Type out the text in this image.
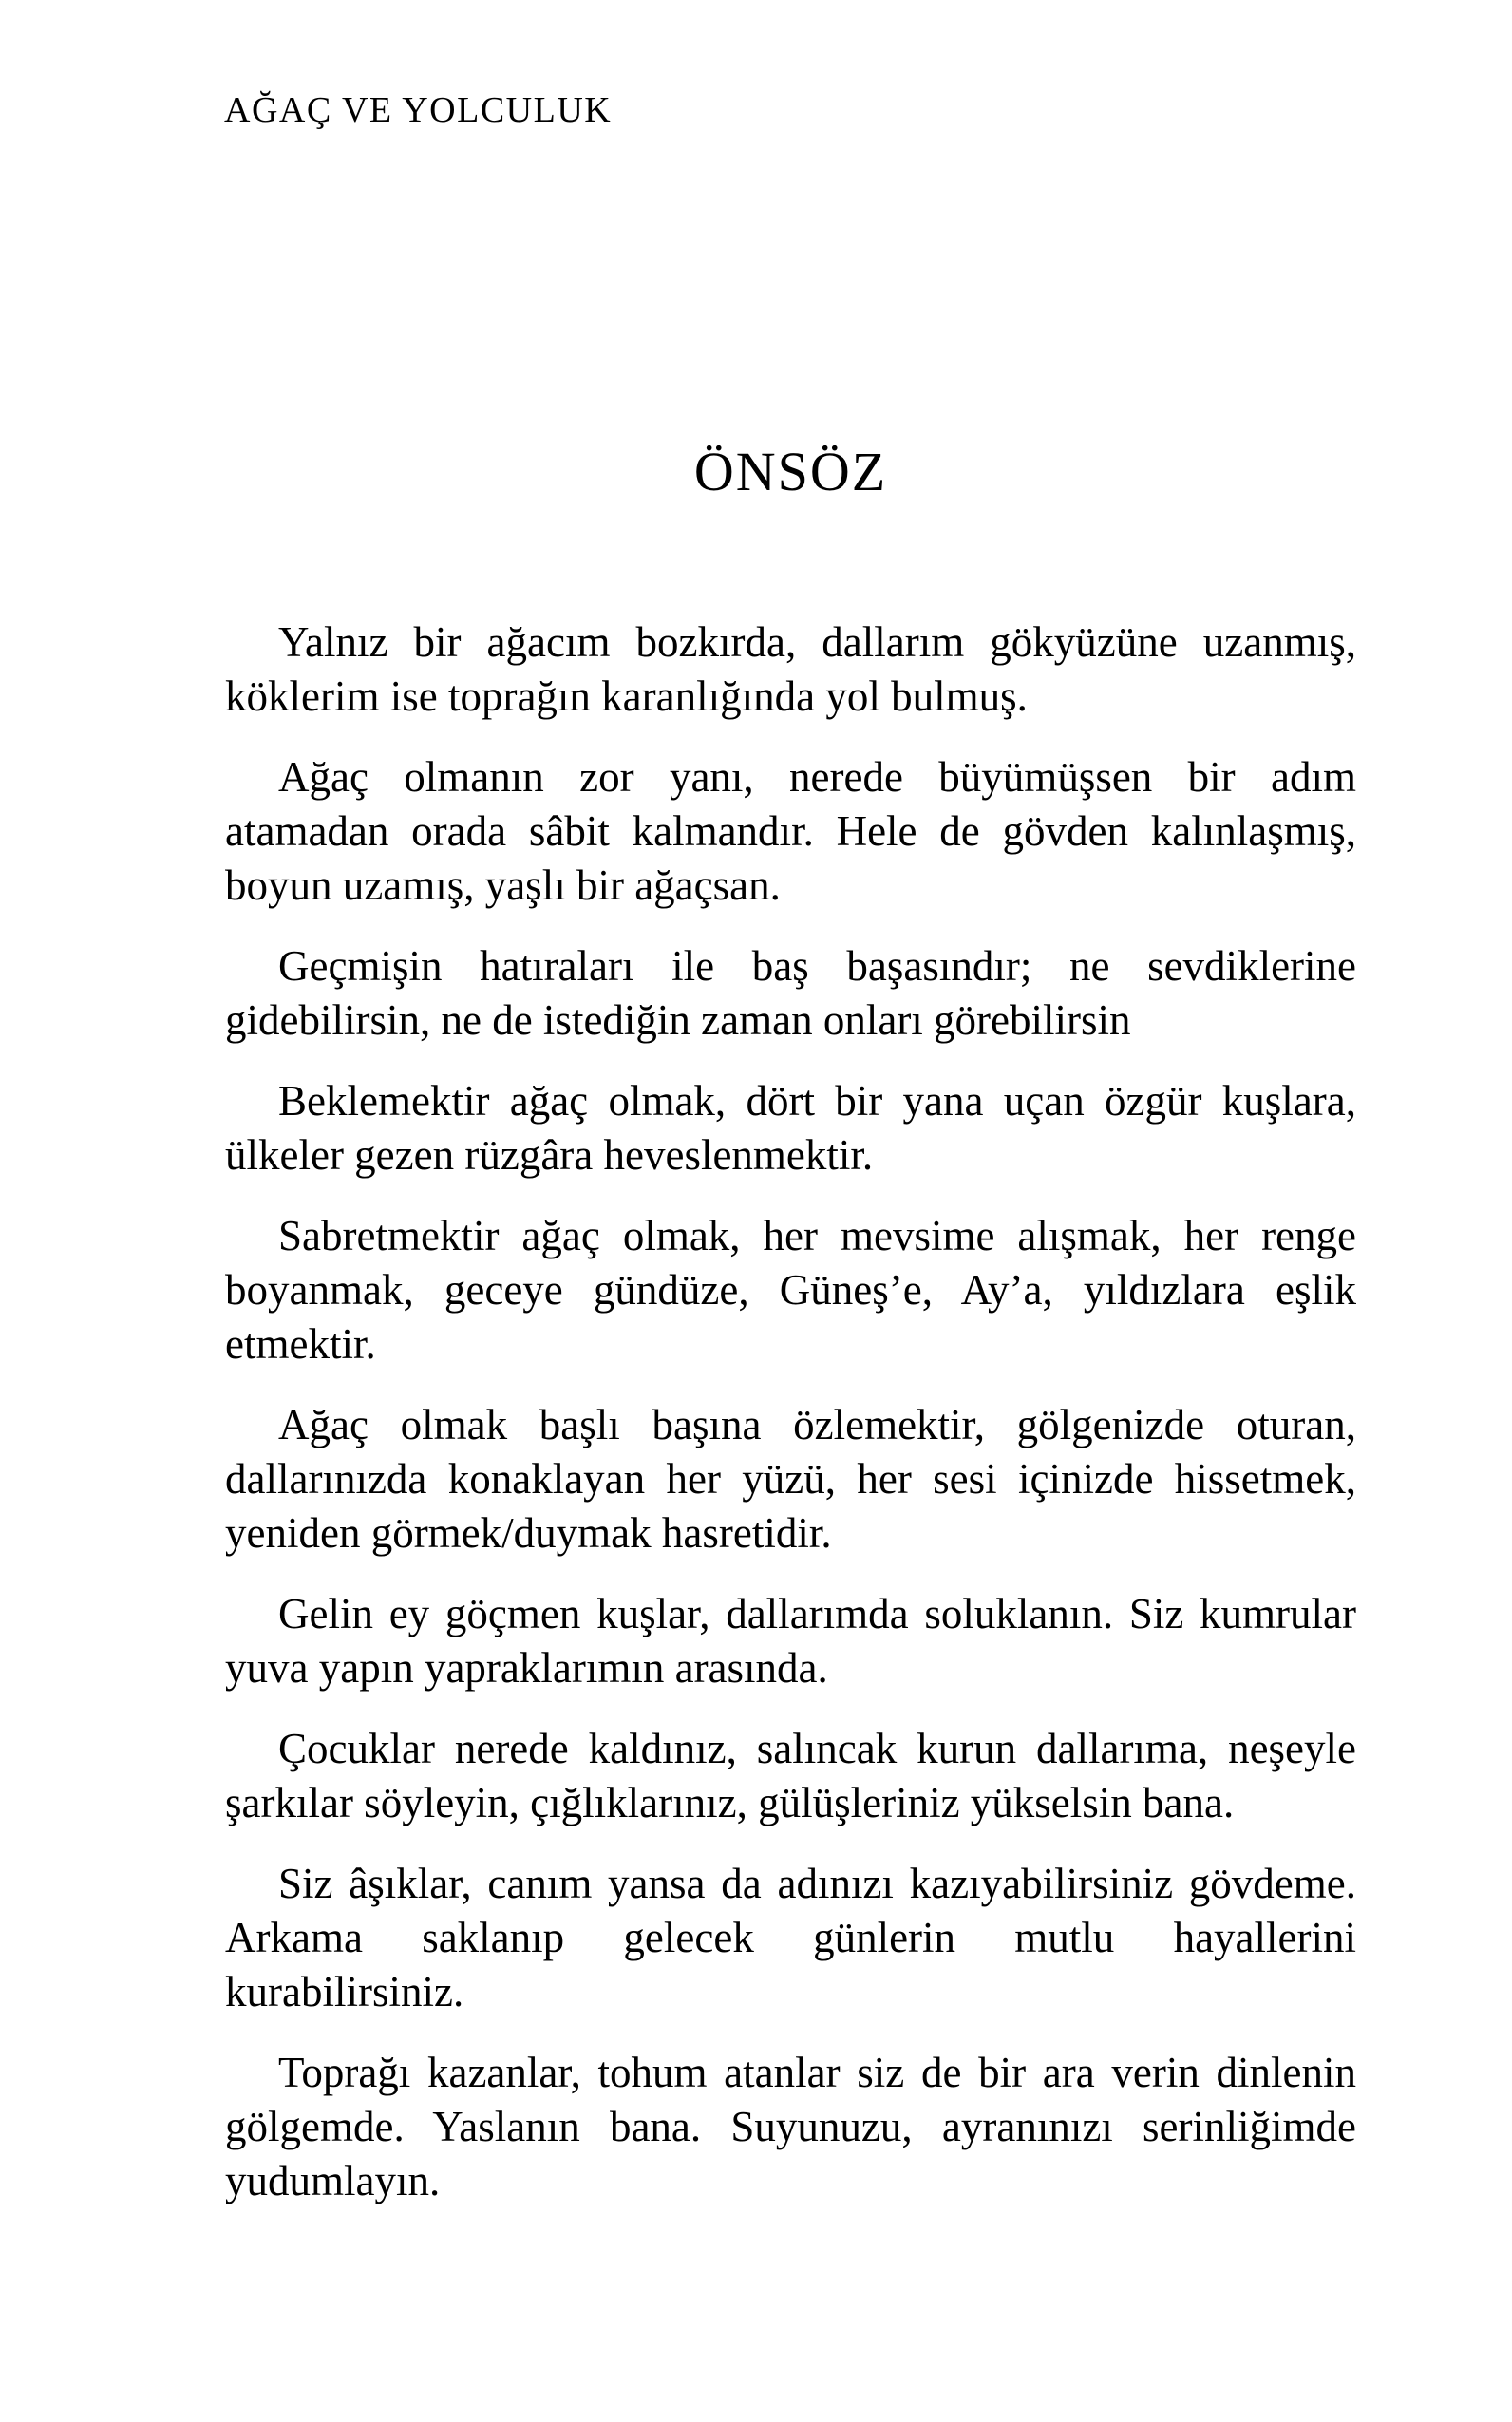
AĞAÇ VE YOLCULUK
ÖNSÖZ

Yalnız bir ağacım bozkırda, dallarım gökyüzüne uzanmış, köklerim ise toprağın karanlığında yol bulmuş.

Ağaç olmanın zor yanı, nerede büyümüşsen bir adım atamadan orada sâbit kalmandır. Hele de gövden kalınlaşmış, boyun uzamış, yaşlı bir ağaçsan.

Geçmişin hatıraları ile baş başasındır; ne sevdiklerine gidebilirsin, ne de istediğin zaman onları görebilirsin

Beklemektir ağaç olmak, dört bir yana uçan özgür kuşlara, ülkeler gezen rüzgâra heveslenmektir.

Sabretmektir ağaç olmak, her mevsime alışmak, her renge boyanmak, geceye gündüze, Güneş’e, Ay’a, yıldızlara eşlik etmektir.

Ağaç olmak başlı başına özlemektir, gölgenizde oturan, dallarınızda konaklayan her yüzü, her sesi içinizde hissetmek, yeniden görmek/duymak hasretidir.

Gelin ey göçmen kuşlar, dallarımda soluklanın. Siz kumrular yuva yapın yapraklarımın arasında.

Çocuklar nerede kaldınız, salıncak kurun dallarıma, neşeyle şarkılar söyleyin, çığlıklarınız, gülüşleriniz yükselsin bana.

Siz âşıklar, canım yansa da adınızı kazıyabilirsiniz gövdeme. Arkama saklanıp gelecek günlerin mutlu hayallerini kurabilirsiniz.

Toprağı kazanlar, tohum atanlar siz de bir ara verin dinlenin gölgemde. Yaslanın bana. Suyunuzu, ayranınızı serinliğimde yudumlayın.
